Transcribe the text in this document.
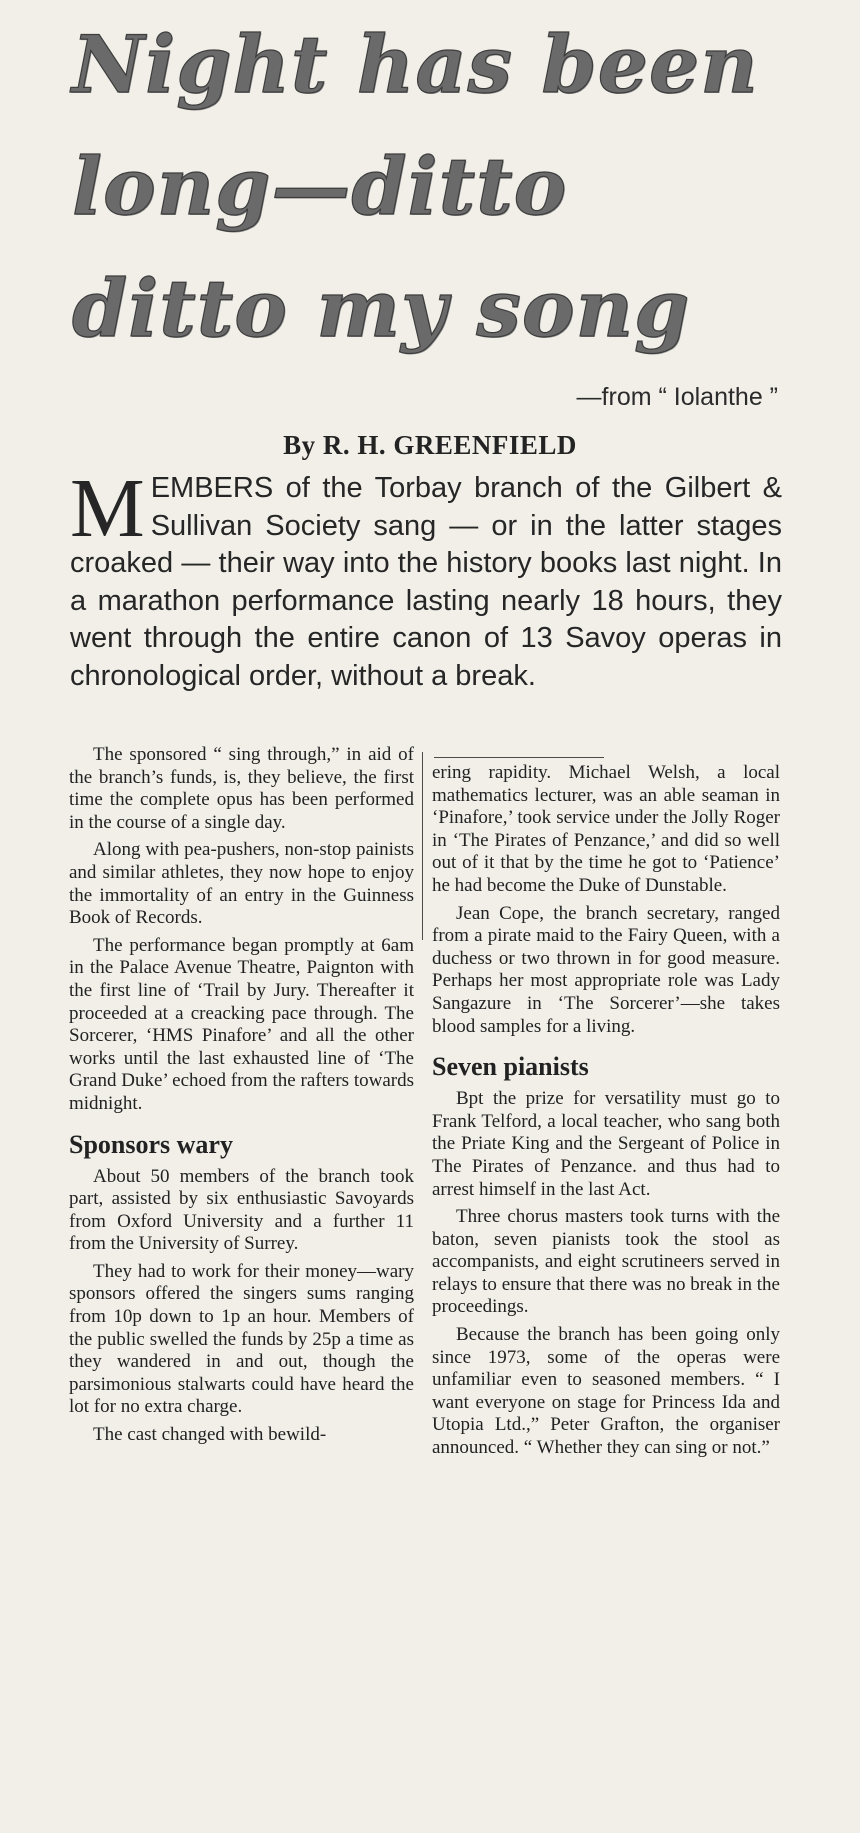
Night has been
long—ditto
ditto my song
—from “ Iolanthe ”
By R. H. GREENFIELD

M EMBERS of the Torbay branch of the Gilbert & Sullivan Society sang — or in the latter stages croaked — their way into the history books last night. In a marathon performance lasting nearly 18 hours, they went through the entire canon of 13 Savoy operas in chronological order, without a break.

The sponsored “ sing through,” in aid of the branch’s funds, is, they believe, the first time the complete opus has been performed in the course of a single day.

Along with pea-pushers, non-stop painists and similar athletes, they now hope to enjoy the immortality of an entry in the Guinness Book of Records.

The performance began promptly at 6am in the Palace Avenue Theatre, Paignton with the first line of ‘Trail by Jury. Thereafter it proceeded at a creacking pace through. The Sorcerer, ‘HMS Pinafore’ and all the other works until the last exhausted line of ‘The Grand Duke’ echoed from the rafters towards midnight.

Sponsors wary

About 50 members of the branch took part, assisted by six enthusiastic Savoyards from Oxford University and a further 11 from the University of Surrey.

They had to work for their money—wary sponsors offered the singers sums ranging from 10p down to 1p an hour. Members of the public swelled the funds by 25p a time as they wandered in and out, though the parsimonious stalwarts could have heard the lot for no extra charge.

The cast changed with bewild-

ering rapidity. Michael Welsh, a local mathematics lecturer, was an able seaman in ‘Pinafore,’ took service under the Jolly Roger in ‘The Pirates of Penzance,’ and did so well out of it that by the time he got to ‘Patience’ he had become the Duke of Dunstable.

Jean Cope, the branch secretary, ranged from a pirate maid to the Fairy Queen, with a duchess or two thrown in for good measure. Perhaps her most appropriate role was Lady Sangazure in ‘The Sorcerer’—she takes blood samples for a living.

Seven pianists

Bpt the prize for versatility must go to Frank Telford, a local teacher, who sang both the Priate King and the Sergeant of Police in The Pirates of Penzance. and thus had to arrest himself in the last Act.

Three chorus masters took turns with the baton, seven pianists took the stool as accompanists, and eight scrutineers served in relays to ensure that there was no break in the proceedings.

Because the branch has been going only since 1973, some of the operas were unfamiliar even to seasoned members. “ I want everyone on stage for Princess Ida and Utopia Ltd.,” Peter Grafton, the organiser announced. “ Whether they can sing or not.”
